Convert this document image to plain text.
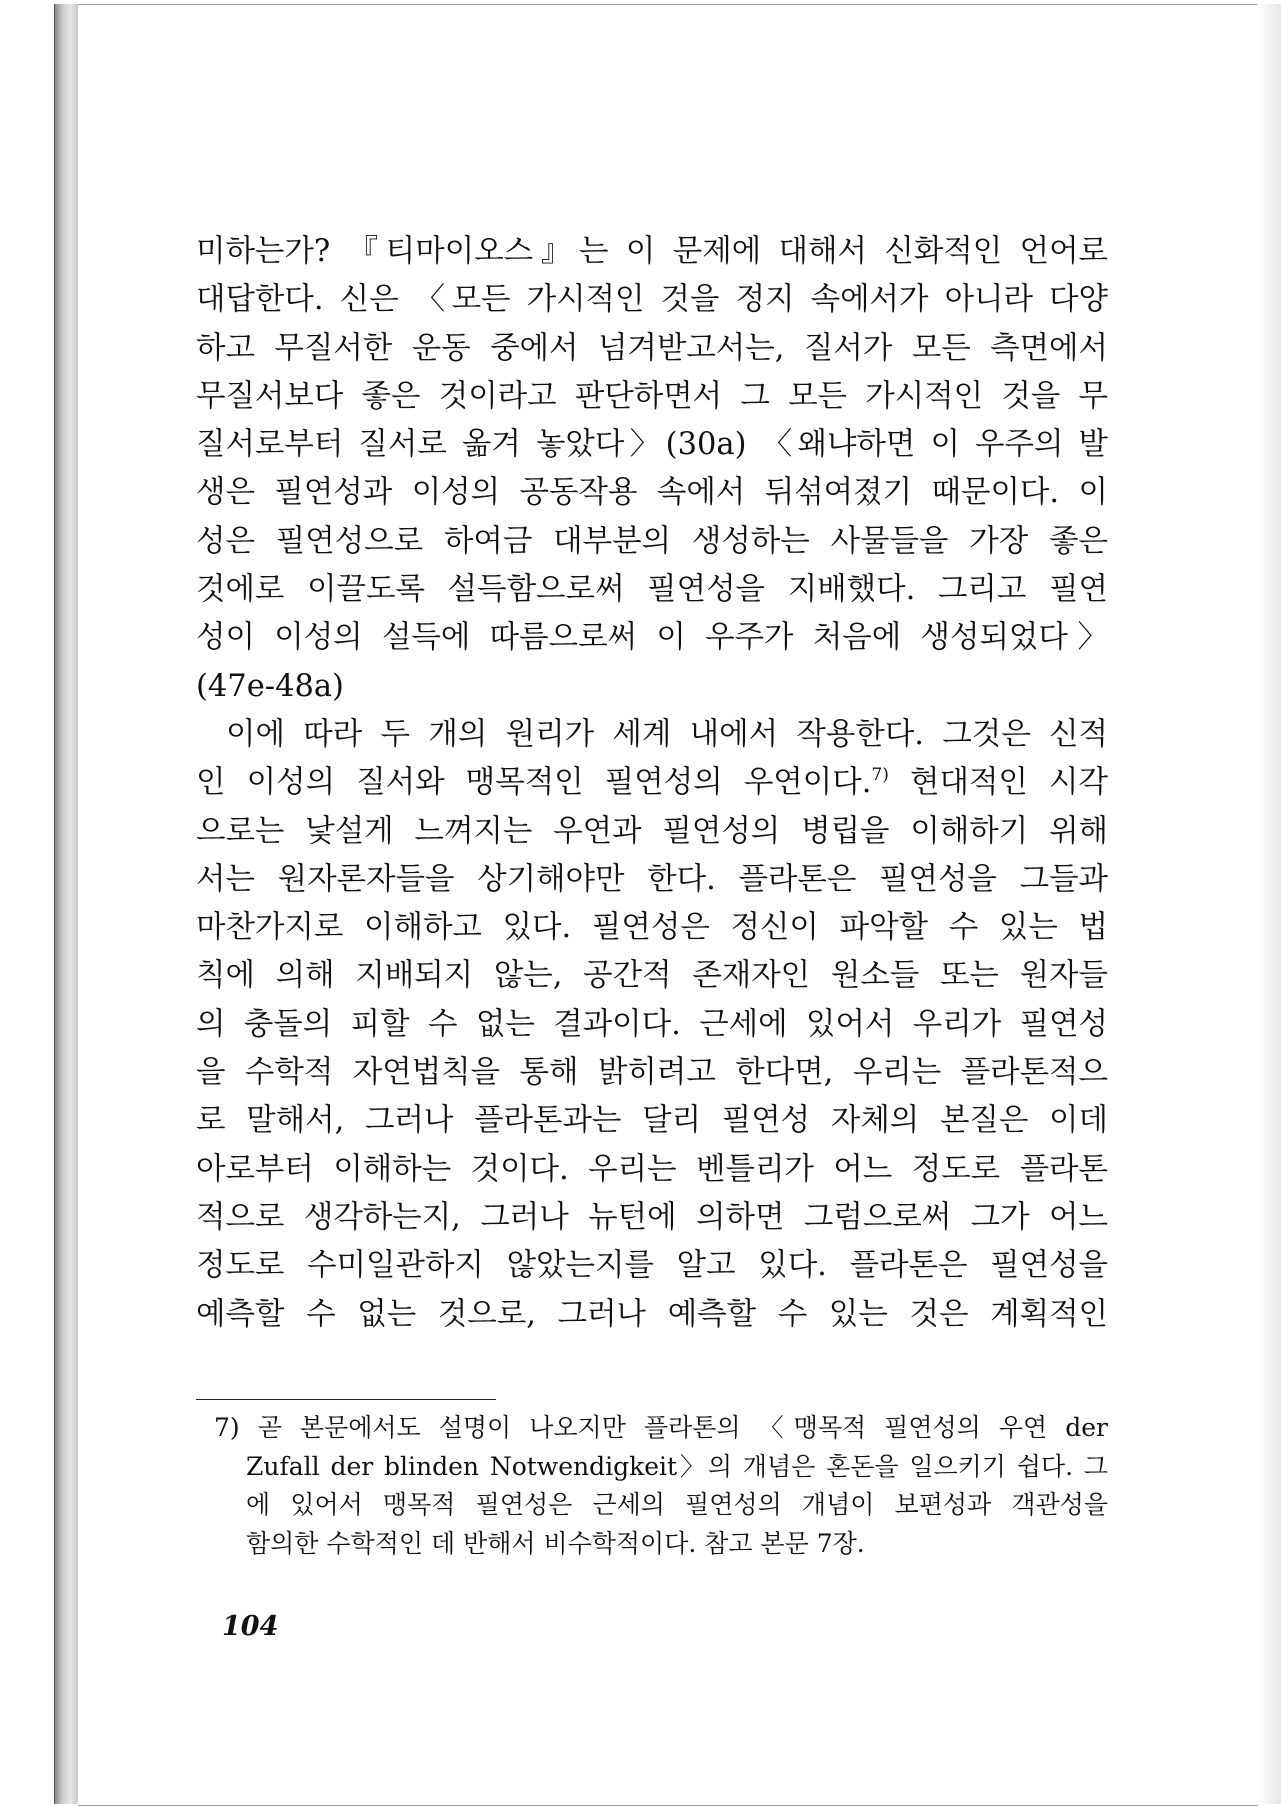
미하는가? 『티마이오스』는 이 문제에 대해서 신화적인 언어로
대답한다. 신은 〈모든 가시적인 것을 정지 속에서가 아니라 다양
하고 무질서한 운동 중에서 넘겨받고서는, 질서가 모든 측면에서
무질서보다 좋은 것이라고 판단하면서 그 모든 가시적인 것을 무
질서로부터 질서로 옮겨 놓았다〉(30a) 〈왜냐하면 이 우주의 발
생은 필연성과 이성의 공동작용 속에서 뒤섞여졌기 때문이다. 이
성은 필연성으로 하여금 대부분의 생성하는 사물들을 가장 좋은
것에로 이끌도록 설득함으로써 필연성을 지배했다. 그리고 필연
성이 이성의 설득에 따름으로써 이 우주가 처음에 생성되었다〉
(47e-48a)
이에 따라 두 개의 원리가 세계 내에서 작용한다. 그것은 신적
인 이성의 질서와 맹목적인 필연성의 우연이다.$^{7)}$ 현대적인 시각
으로는 낯설게 느껴지는 우연과 필연성의 병립을 이해하기 위해
서는 원자론자들을 상기해야만 한다. 플라톤은 필연성을 그들과
마찬가지로 이해하고 있다. 필연성은 정신이 파악할 수 있는 법
칙에 의해 지배되지 않는, 공간적 존재자인 원소들 또는 원자들
의 충돌의 피할 수 없는 결과이다. 근세에 있어서 우리가 필연성
을 수학적 자연법칙을 통해 밝히려고 한다면, 우리는 플라톤적으
로 말해서, 그러나 플라톤과는 달리 필연성 자체의 본질은 이데
아로부터 이해하는 것이다. 우리는 벤틀리가 어느 정도로 플라톤
적으로 생각하는지, 그러나 뉴턴에 의하면 그럼으로써 그가 어느
정도로 수미일관하지 않았는지를 알고 있다. 플라톤은 필연성을
예측할 수 없는 것으로, 그러나 예측할 수 있는 것은 계획적인
7) 곧 본문에서도 설명이 나오지만 플라톤의 〈맹목적 필연성의 우연 der
Zufall der blinden Notwendigkeit〉의 개념은 혼돈을 일으키기 쉽다. 그
에 있어서 맹목적 필연성은 근세의 필연성의 개념이 보편성과 객관성을
함의한 수학적인 데 반해서 비수학적이다. 참고 본문 7장.
104
